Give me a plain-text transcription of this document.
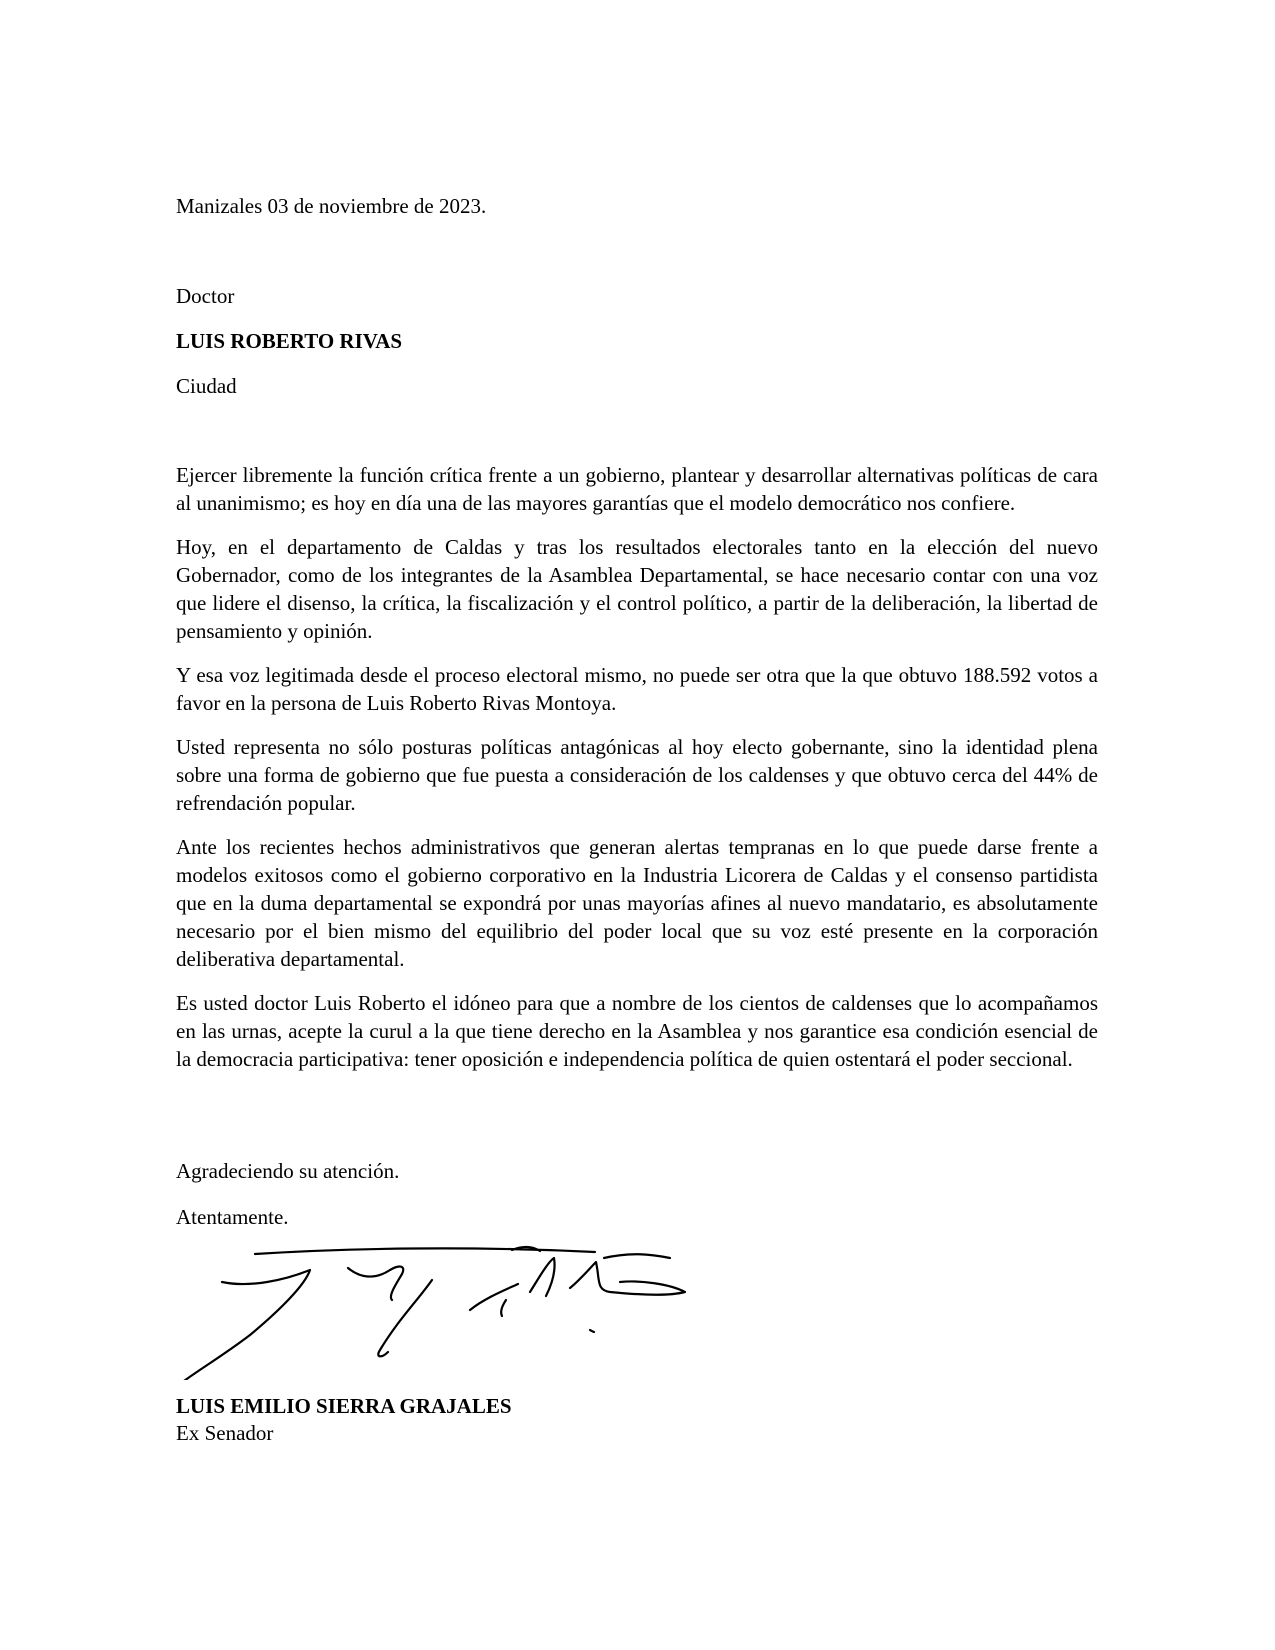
Manizales 03 de noviembre de 2023.
Doctor
LUIS ROBERTO RIVAS
Ciudad

Ejercer libremente la función crítica frente a un gobierno, plantear y desarrollar alternativas políticas de cara al unanimismo; es hoy en día una de las mayores garantías que el modelo democrático nos confiere.

Hoy, en el departamento de Caldas y tras los resultados electorales tanto en la elección del nuevo Gobernador, como de los integrantes de la Asamblea Departamental, se hace necesario contar con una voz que lidere el disenso, la crítica, la fiscalización y el control político, a partir de la deliberación, la libertad de pensamiento y opinión.

Y esa voz legitimada desde el proceso electoral mismo, no puede ser otra que la que obtuvo 188.592 votos a favor en la persona de Luis Roberto Rivas Montoya.

Usted representa no sólo posturas políticas antagónicas al hoy electo gobernante, sino la identidad plena sobre una forma de gobierno que fue puesta a consideración de los caldenses y que obtuvo cerca del 44% de refrendación popular.

Ante los recientes hechos administrativos que generan alertas tempranas en lo que puede darse frente a modelos exitosos como el gobierno corporativo en la Industria Licorera de Caldas y el consenso partidista que en la duma departamental se expondrá por unas mayorías afines al nuevo mandatario, es absolutamente necesario por el bien mismo del equilibrio del poder local que su voz esté presente en la corporación deliberativa departamental.

Es usted doctor Luis Roberto el idóneo para que a nombre de los cientos de caldenses que lo acompañamos en las urnas, acepte la curul a la que tiene derecho en la Asamblea y nos garantice esa condición esencial de la democracia participativa: tener oposición e independencia política de quien ostentará el poder seccional.

Agradeciendo su atención.
Atentamente.
LUIS EMILIO SIERRA GRAJALES
Ex Senador
